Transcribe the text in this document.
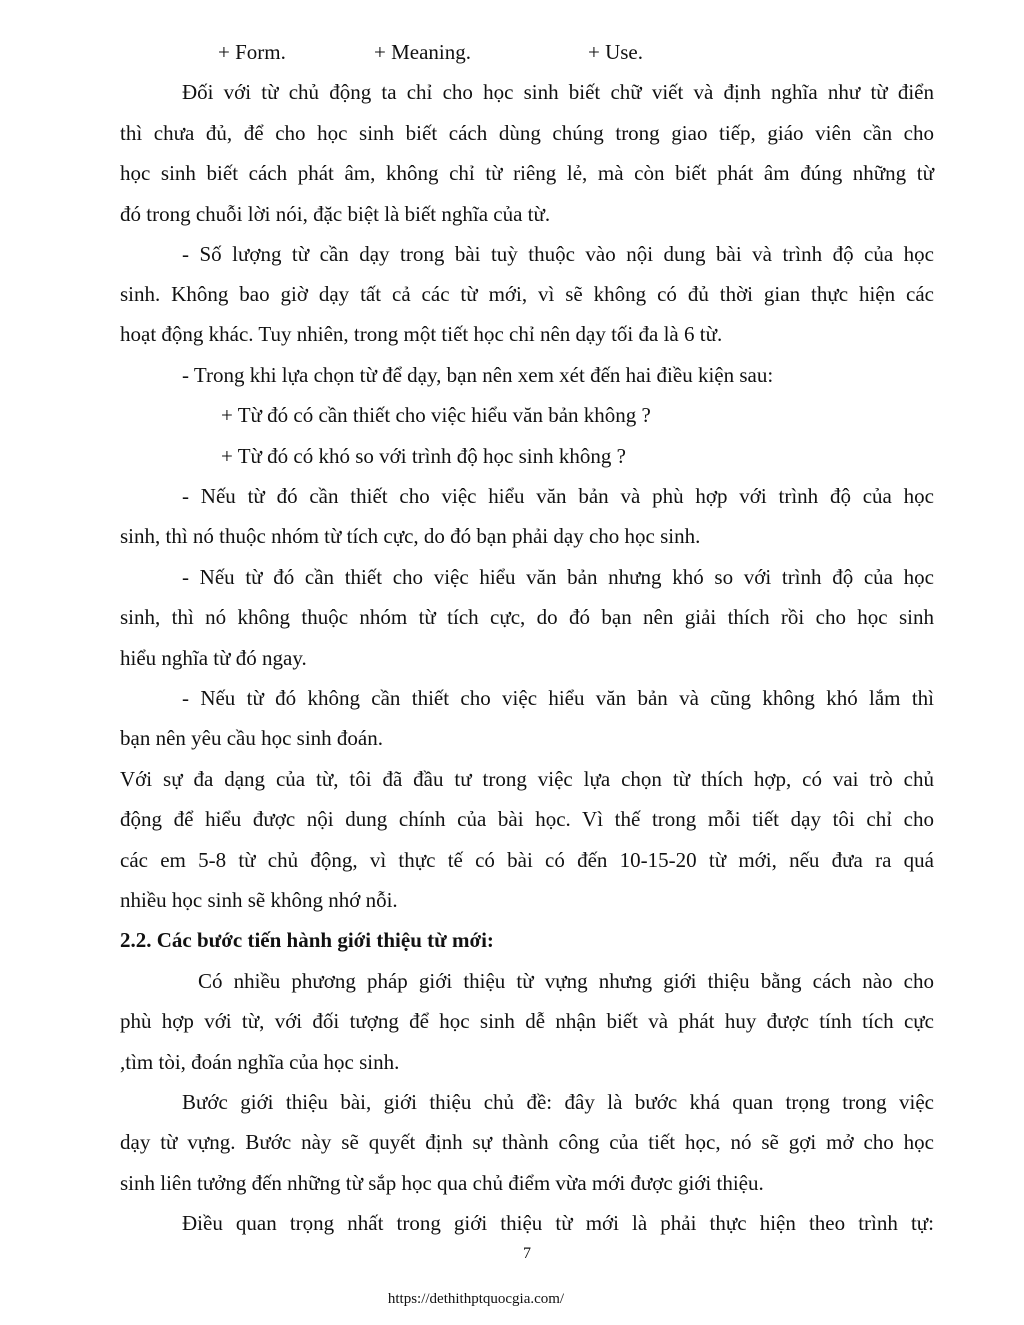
+ Form.	+ Meaning.	+ Use.
Đối với từ chủ động ta chỉ cho học sinh biết chữ viết và định nghĩa như từ điển
thì chưa đủ, để cho học sinh biết cách dùng chúng trong giao tiếp, giáo viên cần cho
học sinh biết cách phát âm, không chỉ từ riêng lẻ, mà còn biết phát âm đúng những từ
đó trong chuỗi lời nói, đặc biệt là biết nghĩa của từ.
- Số lượng từ cần dạy trong bài tuỳ thuộc vào nội dung bài và trình độ của học
sinh. Không bao giờ dạy tất cả các từ mới, vì sẽ không có đủ thời gian thực hiện các
hoạt động khác. Tuy nhiên, trong một tiết học chỉ nên dạy tối đa là 6 từ.
- Trong khi lựa chọn từ để dạy, bạn nên xem xét đến hai điều kiện sau:
+ Từ đó có cần thiết cho việc hiểu văn bản không ?
+ Từ đó có khó so với trình độ học sinh không ?
- Nếu từ đó cần thiết cho việc hiểu văn bản và phù hợp với trình độ của học
sinh, thì nó thuộc nhóm từ tích cực, do đó bạn phải dạy cho học sinh.
- Nếu từ đó cần thiết cho việc hiểu văn bản nhưng khó so với trình độ của học
sinh, thì nó không thuộc nhóm từ tích cực, do đó bạn nên giải thích rồi cho học sinh
hiểu nghĩa từ đó ngay.
- Nếu từ đó không cần thiết cho việc hiểu văn bản và cũng không khó lắm thì
bạn nên yêu cầu học sinh đoán.
Với sự đa dạng của từ, tôi đã đầu tư trong việc lựa chọn từ thích hợp, có vai trò chủ
động để hiểu được nội dung chính của bài học. Vì thế trong mỗi tiết dạy tôi chỉ cho
các em 5-8 từ chủ động, vì thực tế có bài có đến 10-15-20 từ mới, nếu đưa ra quá
nhiều học sinh sẽ không nhớ nỗi.
2.2. Các bước tiến hành giới thiệu từ mới:
Có nhiều phương pháp giới thiệu từ vựng nhưng giới thiệu bằng cách nào cho
phù hợp với từ, với đối tượng để học sinh dễ nhận biết và phát huy được tính tích cực
,tìm tòi, đoán nghĩa của học sinh.
Bước giới thiệu bài, giới thiệu chủ đề: đây là bước khá quan trọng trong việc
dạy từ vựng. Bước này sẽ quyết định sự thành công của tiết học, nó sẽ gợi mở cho học
sinh liên tưởng đến những từ sắp học qua chủ điểm vừa mới được giới thiệu.
Điều quan trọng nhất trong giới thiệu từ mới là phải thực hiện theo trình tự:
7
https://dethithptquocgia.com/
